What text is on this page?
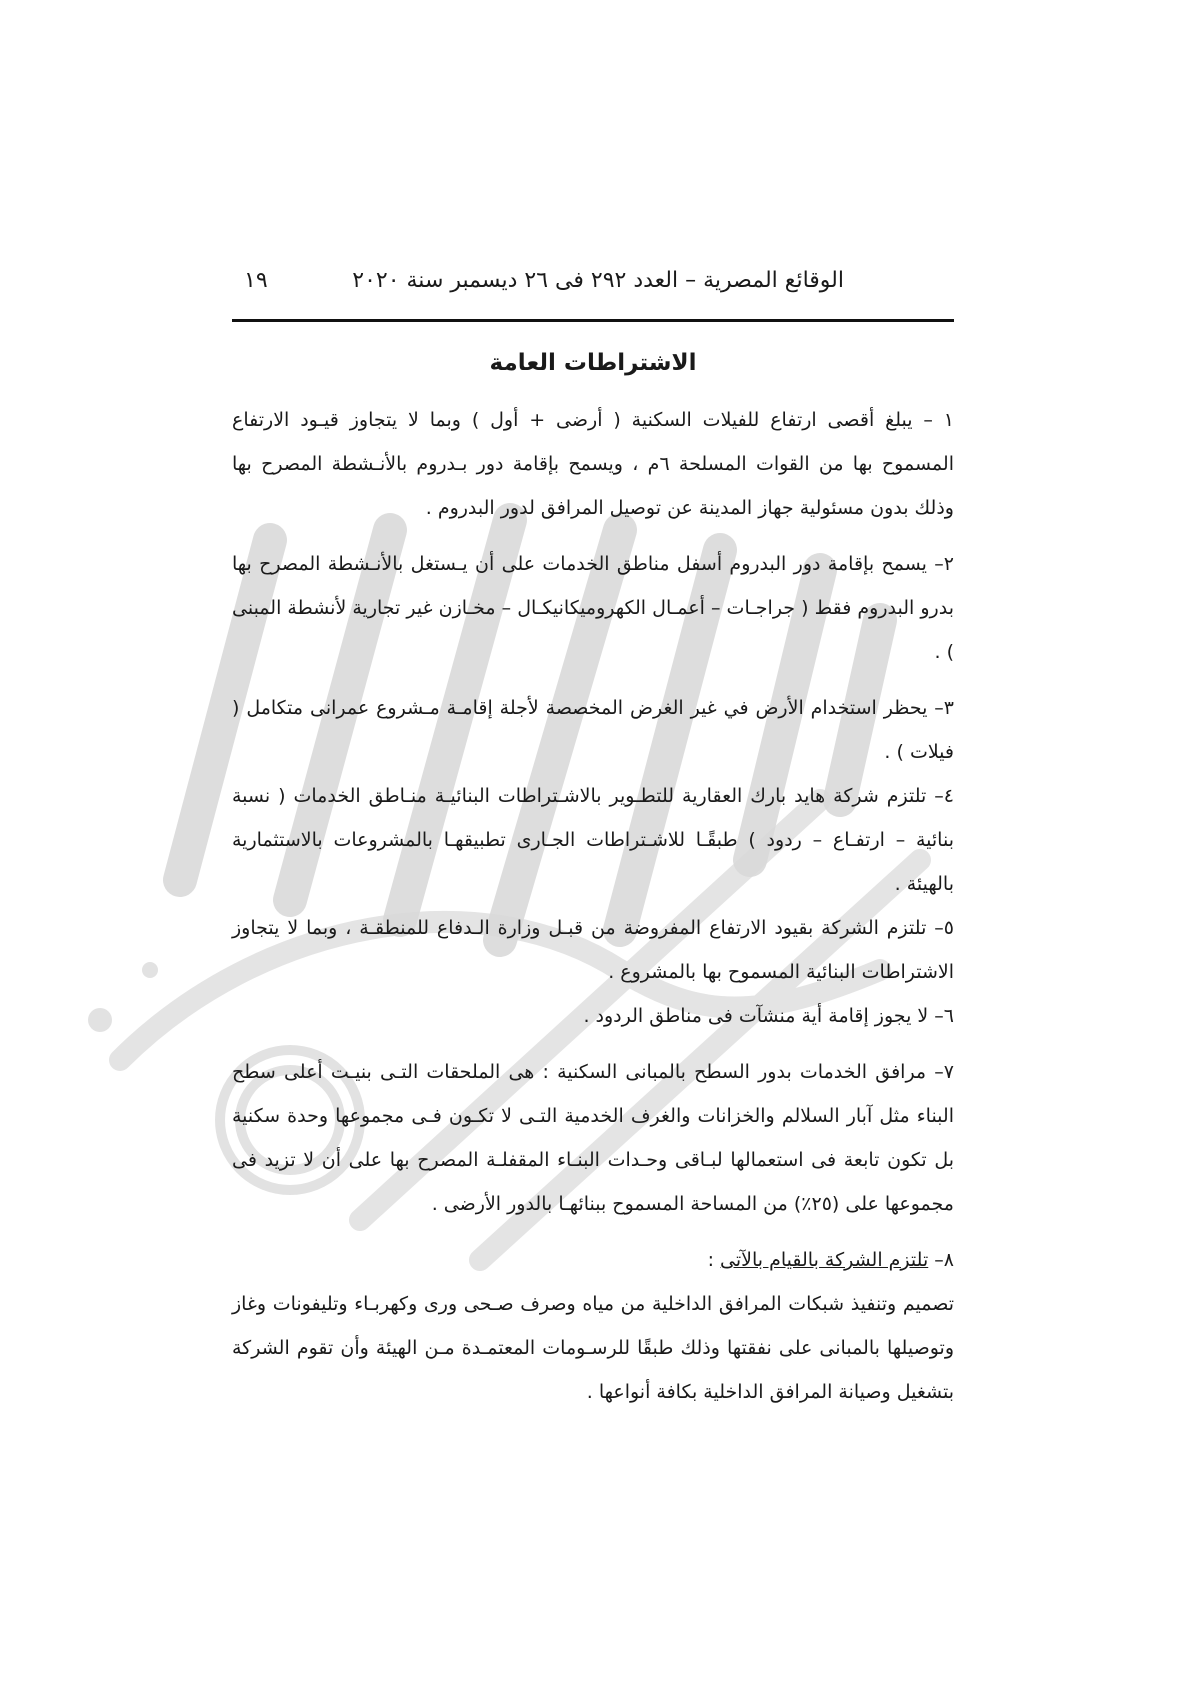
الوقائع المصرية – العدد ٢٩٢ فى ٢٦ ديسمبر سنة ٢٠٢٠
١٩
الاشتراطات العامة

١ – يبلغ أقصى ارتفاع للفيلات السكنية ( أرضى + أول ) وبما لا يتجاوز قيـود الارتفاع المسموح بها من القوات المسلحة ٦م ، ويسمح بإقامة دور بـدروم بالأنـشطة المصرح بها وذلك بدون مسئولية جهاز المدينة عن توصيل المرافق لدور البدروم .

٢– يسمح بإقامة دور البدروم أسفل مناطق الخدمات على أن يـستغل بالأنـشطة المصرح بها بدرو البدروم فقط ( جراجـات – أعمـال الكهروميكانيكـال – مخـازن غير تجارية لأنشطة المبنى ) .

٣– يحظر استخدام الأرض في غير الغرض المخصصة لأجلة إقامـة مـشروع عمرانى متكامل ( فيلات ) .

٤– تلتزم شركة هايد بارك العقارية للتطـوير بالاشـتراطات البنائيـة منـاطق الخدمات ( نسبة بنائية – ارتفـاع – ردود ) طبقًـا للاشـتراطات الجـارى تطبيقهـا بالمشروعات بالاستثمارية بالهيئة .

٥– تلتزم الشركة بقيود الارتفاع المفروضة من قبـل وزارة الـدفاع للمنطقـة ، وبما لا يتجاوز الاشتراطات البنائية المسموح بها بالمشروع .

٦– لا يجوز إقامة أية منشآت فى مناطق الردود .

٧– مرافق الخدمات بدور السطح بالمبانى السكنية : هى الملحقات التـى بنيـت أعلى سطح البناء مثل آبار السلالم والخزانات والغرف الخدمية التـى لا تكـون فـى مجموعها وحدة سكنية بل تكون تابعة فى استعمالها لبـاقى وحـدات البنـاء المقفلـة المصرح بها على أن لا تزيد فى مجموعها على (٢٥٪) من المساحة المسموح ببنائهـا بالدور الأرضى .

٨– تلتزم الشركة بالقيام بالآتى :

تصميم وتنفيذ شبكات المرافق الداخلية من مياه وصرف صـحى ورى وكهربـاء وتليفونات وغاز وتوصيلها بالمبانى على نفقتها وذلك طبقًا للرسـومات المعتمـدة مـن الهيئة وأن تقوم الشركة بتشغيل وصيانة المرافق الداخلية بكافة أنواعها .
